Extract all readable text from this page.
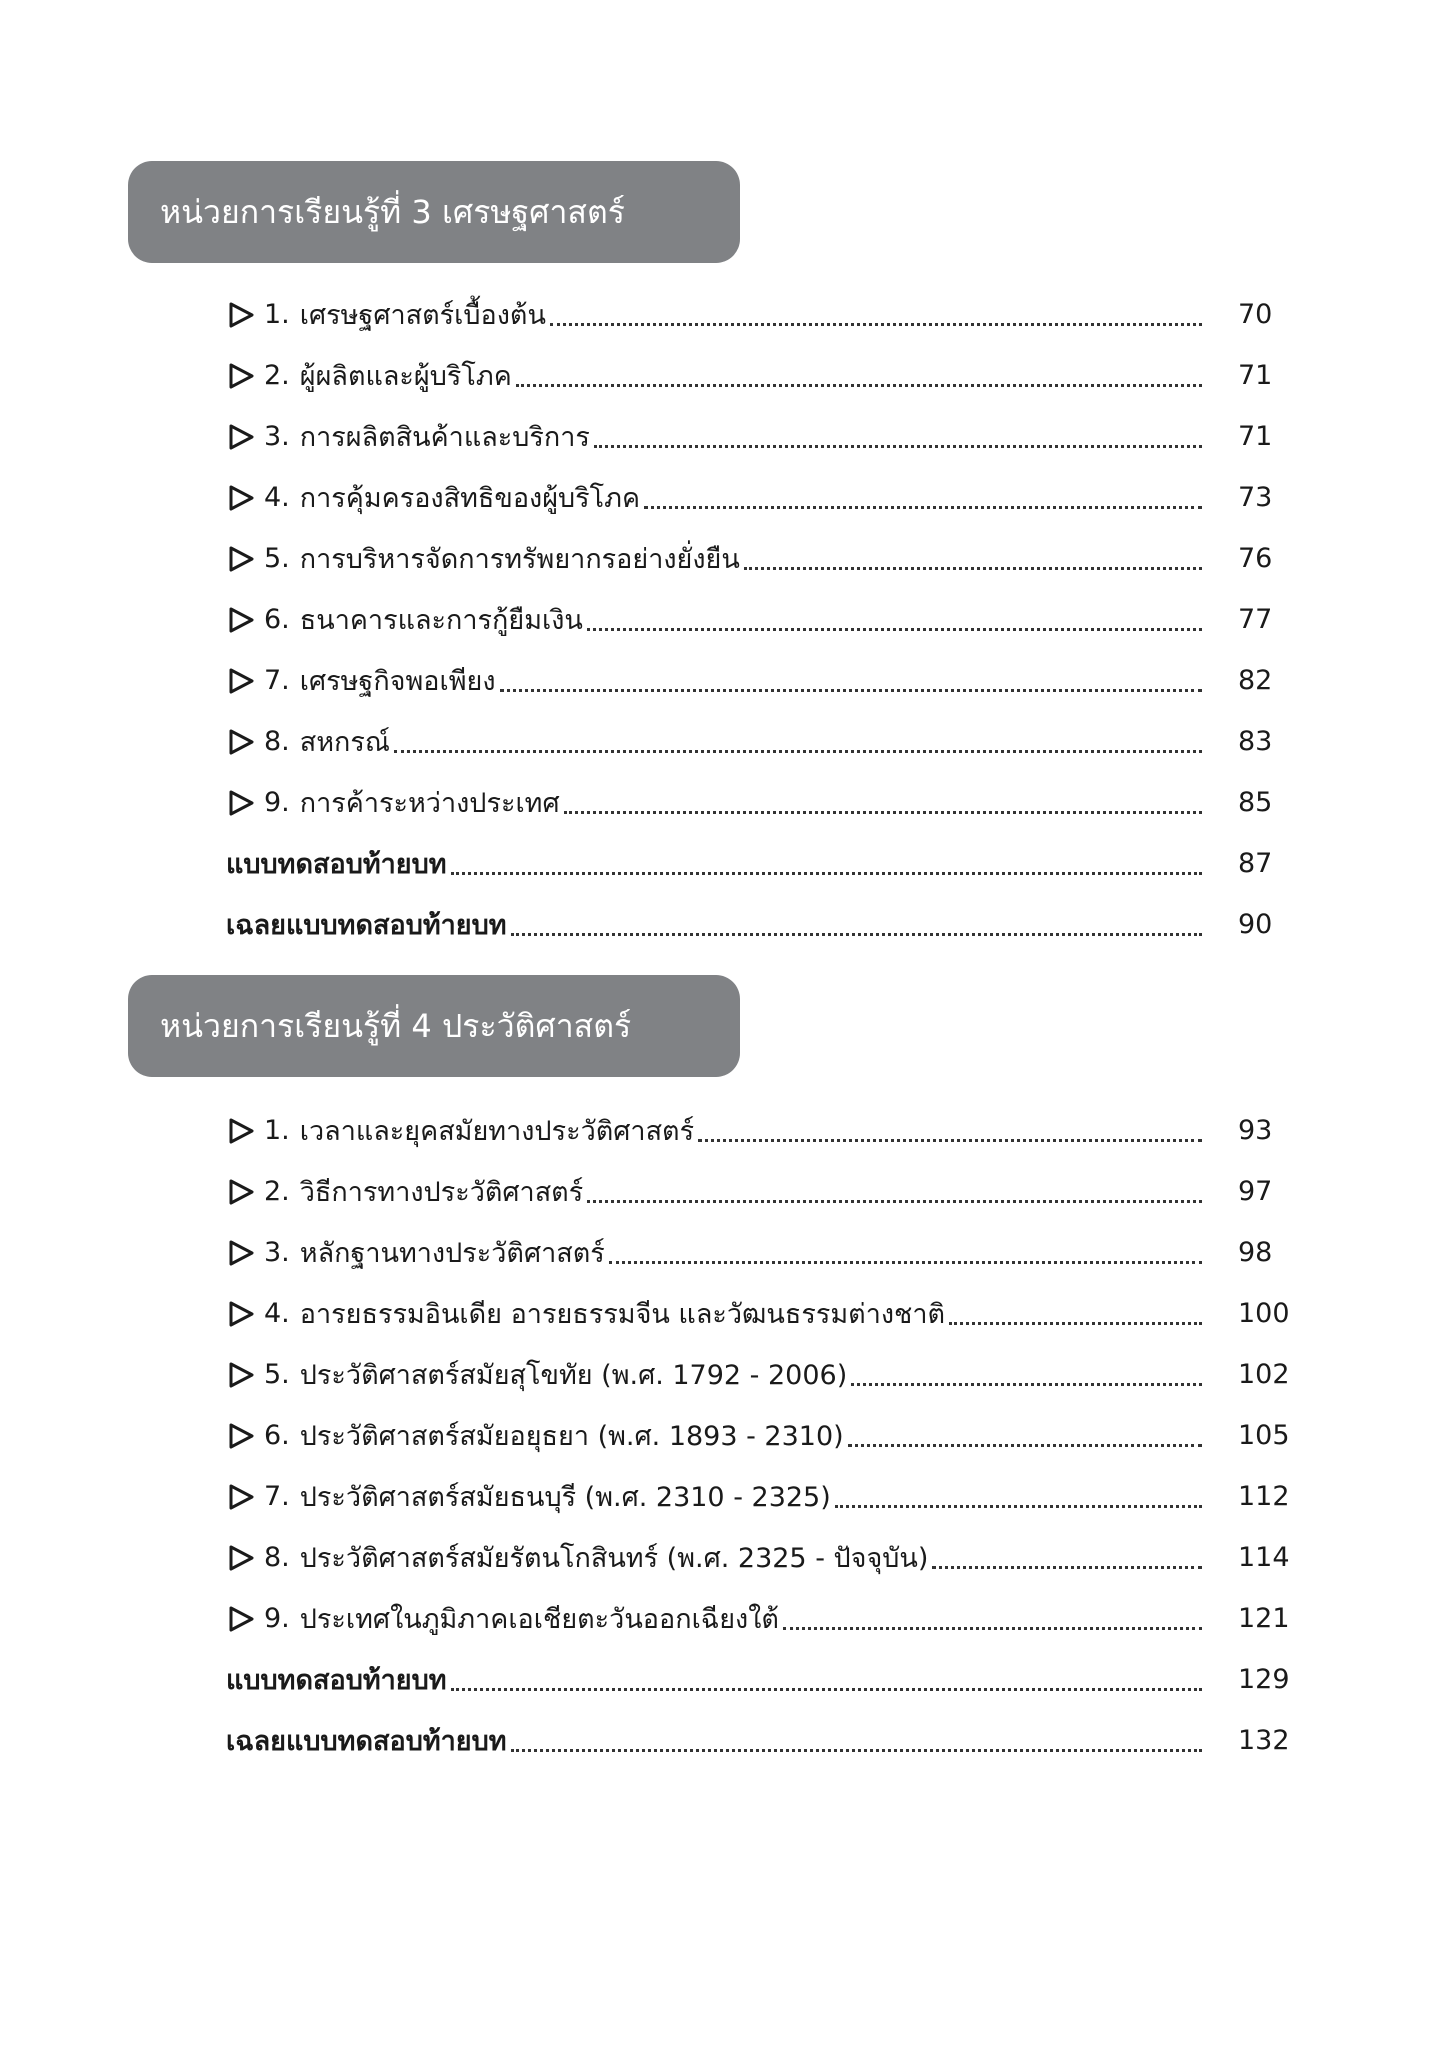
หน่วยการเรียนรู้ที่ 3 เศรษฐศาสตร์
1. เศรษฐศาสตร์เบื้องต้น	70
2. ผู้ผลิตและผู้บริโภค	71
3. การผลิตสินค้าและบริการ	71
4. การคุ้มครองสิทธิของผู้บริโภค	73
5. การบริหารจัดการทรัพยากรอย่างยั่งยืน	76
6. ธนาคารและการกู้ยืมเงิน	77
7. เศรษฐกิจพอเพียง	82
8. สหกรณ์	83
9. การค้าระหว่างประเทศ	85
แบบทดสอบท้ายบท	87
เฉลยแบบทดสอบท้ายบท	90
หน่วยการเรียนรู้ที่ 4 ประวัติศาสตร์
1. เวลาและยุคสมัยทางประวัติศาสตร์	93
2. วิธีการทางประวัติศาสตร์	97
3. หลักฐานทางประวัติศาสตร์	98
4. อารยธรรมอินเดีย อารยธรรมจีน และวัฒนธรรมต่างชาติ	100
5. ประวัติศาสตร์สมัยสุโขทัย (พ.ศ. 1792 - 2006)	102
6. ประวัติศาสตร์สมัยอยุธยา (พ.ศ. 1893 - 2310)	105
7. ประวัติศาสตร์สมัยธนบุรี (พ.ศ. 2310 - 2325)	112
8. ประวัติศาสตร์สมัยรัตนโกสินทร์ (พ.ศ. 2325 - ปัจจุบัน)	114
9. ประเทศในภูมิภาคเอเชียตะวันออกเฉียงใต้	121
แบบทดสอบท้ายบท	129
เฉลยแบบทดสอบท้ายบท	132
